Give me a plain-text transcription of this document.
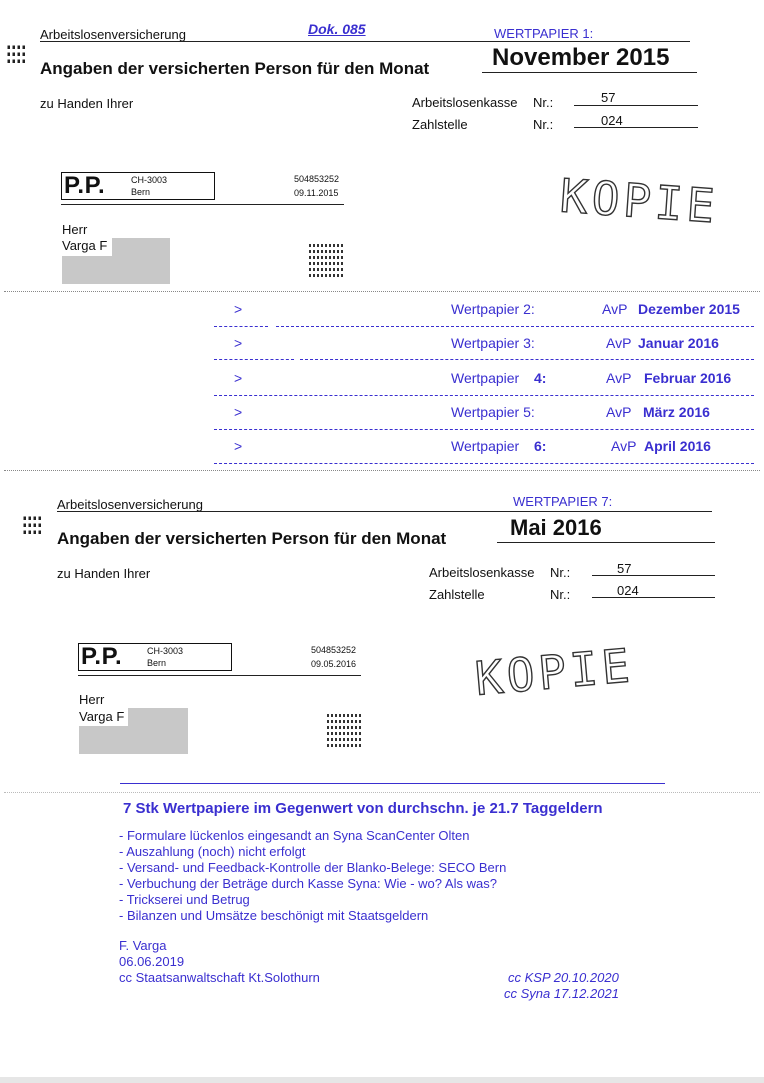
Arbeitslosenversicherung	Dok. 085	WERTPAPIER 1:
Angaben der versicherten Person für den Monat	November 2015
zu Handen Ihrer	Arbeitslosenkasse Nr.:	57
Zahlstelle	Nr.:	024
P.P.	CH-3003
Bern
504853252
09.11.2015
Herr
Varga F
KOPIE
>	Wertpapier 2:	AvP Dezember 2015
>	Wertpapier 3:	AvP Januar 2016
>	Wertpapier 4:	AvP Februar 2016
>	Wertpapier 5:	AvP März 2016
>	Wertpapier 6:	AvP April 2016
Arbeitslosenversicherung	WERTPAPIER 7:
Angaben der versicherten Person für den Monat	Mai 2016
zu Handen Ihrer	Arbeitslosenkasse Nr.:	57
Zahlstelle	Nr.:	024
P.P.	CH-3003
Bern
504853252
09.05.2016
Herr
Varga F
KOPIE
7 Stk Wertpapiere im Gegenwert von durchschn. je 21.7 Taggeldern
- Formulare lückenlos eingesandt an Syna ScanCenter Olten
- Auszahlung (noch) nicht erfolgt
- Versand- und Feedback-Kontrolle der Blanko-Belege: SECO Bern
- Verbuchung der Beträge durch Kasse Syna: Wie - wo? Als was?
- Trickserei und Betrug
- Bilanzen und Umsätze beschönigt mit Staatsgeldern
F. Varga
06.06.2019
cc Staatsanwaltschaft Kt.Solothurn	cc KSP 20.10.2020
cc Syna 17.12.2021
